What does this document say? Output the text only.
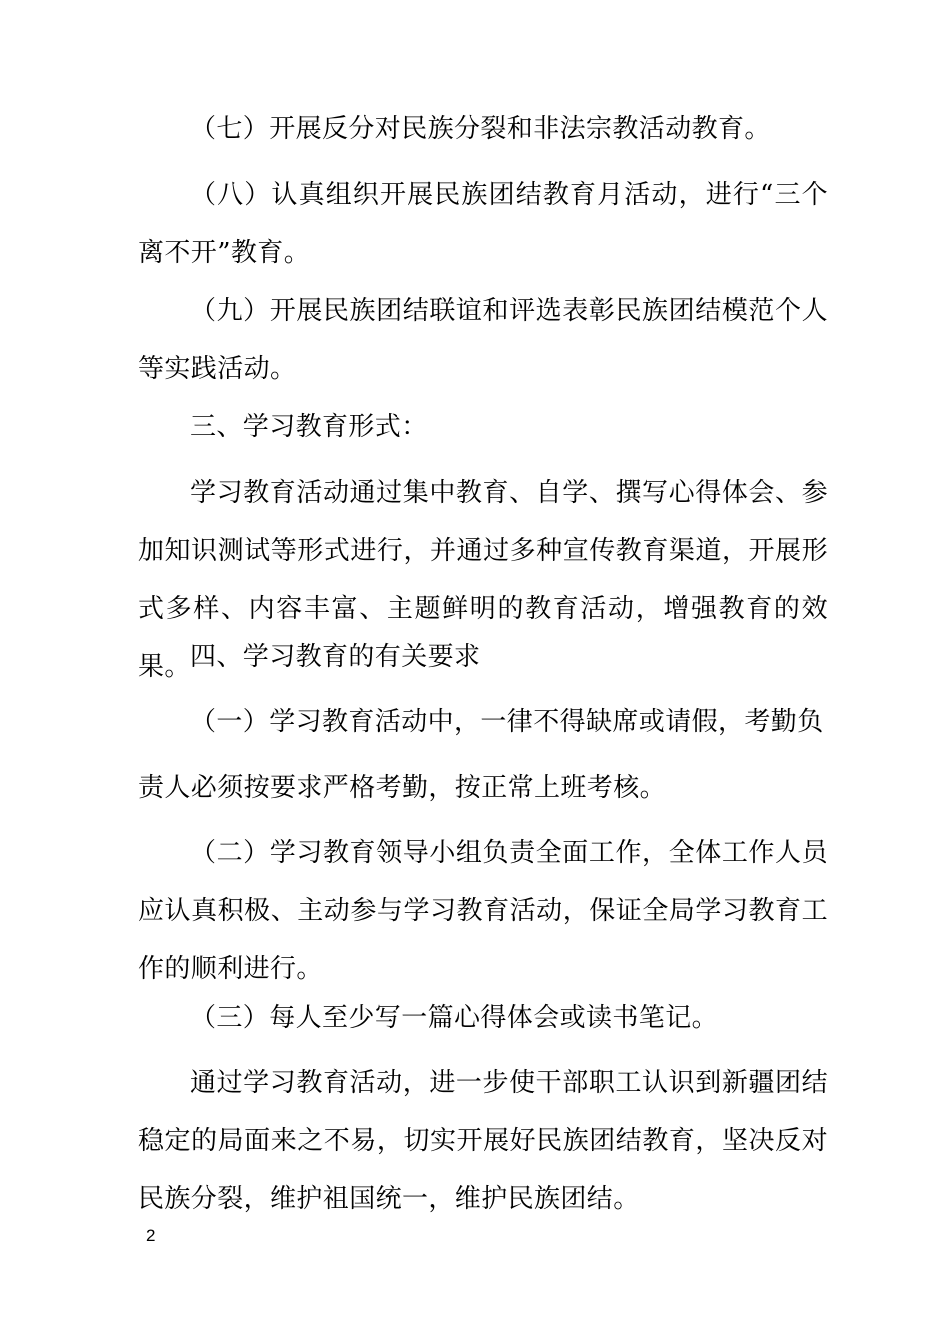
（七）开展反分对民族分裂和非法宗教活动教育。

（八）认真组织开展民族团结教育月活动，进行“三个离不开”教育。

（九）开展民族团结联谊和评选表彰民族团结模范个人等实践活动。

三、学习教育形式：

学习教育活动通过集中教育、自学、撰写心得体会、参加知识测试等形式进行，并通过多种宣传教育渠道，开展形式多样、内容丰富、主题鲜明的教育活动，增强教育的效果。 四、学习教育的有关要求

（一）学习教育活动中，一律不得缺席或请假，考勤负

责人必须按要求严格考勤，按正常上班考核。

（二）学习教育领导小组负责全面工作，全体工作人员应认真积极、主动参与学习教育活动，保证全局学习教育工作的顺利进行。

（三）每人至少写一篇心得体会或读书笔记。

通过学习教育活动，进一步使干部职工认识到新疆团结稳定的局面来之不易，切实开展好民族团结教育，坚决反对民族分裂，维护祖国统一，维护民族团结。

2
